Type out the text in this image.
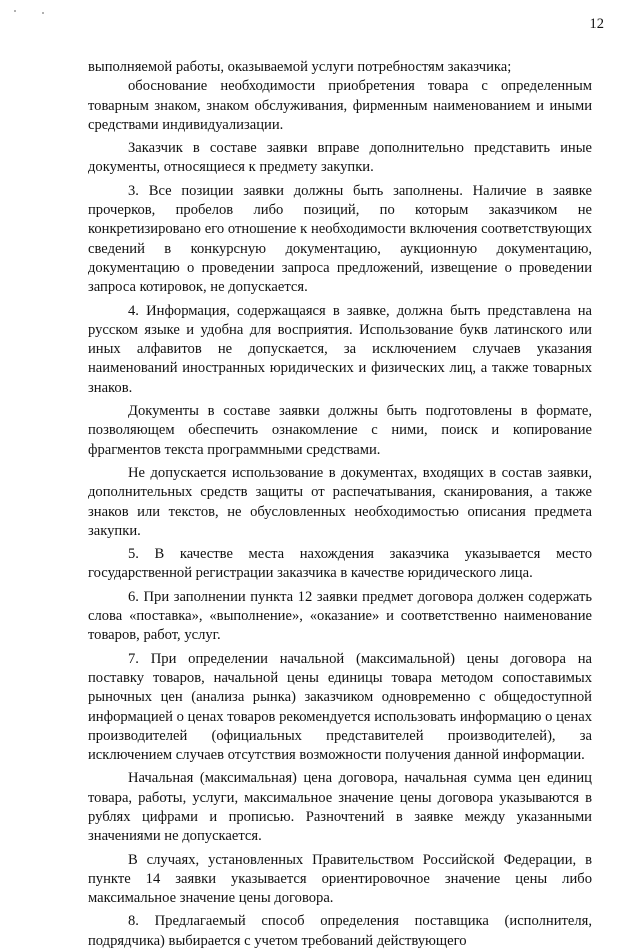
12

выполняемой работы, оказываемой услуги потребностям заказчика;

обоснование необходимости приобретения товара с определенным товарным знаком, знаком обслуживания, фирменным наименованием и иными средствами индивидуализации.

Заказчик в составе заявки вправе дополнительно представить иные документы, относящиеся к предмету закупки.

3. Все позиции заявки должны быть заполнены. Наличие в заявке прочерков, пробелов либо позиций, по которым заказчиком не конкретизировано его отношение к необходимости включения соответствующих сведений в конкурсную документацию, аукционную документацию, документацию о проведении запроса предложений, извещение о проведении запроса котировок, не допускается.

4. Информация, содержащаяся в заявке, должна быть представлена на русском языке и удобна для восприятия. Использование букв латинского или иных алфавитов не допускается, за исключением случаев указания наименований иностранных юридических и физических лиц, а также товарных знаков.

Документы в составе заявки должны быть подготовлены в формате, позволяющем обеспечить ознакомление с ними, поиск и копирование фрагментов текста программными средствами.

Не допускается использование в документах, входящих в состав заявки, дополнительных средств защиты от распечатывания, сканирования, а также знаков или текстов, не обусловленных необходимостью описания предмета закупки.

5. В качестве места нахождения заказчика указывается место государственной регистрации заказчика в качестве юридического лица.

6. При заполнении пункта 12 заявки предмет договора должен содержать слова «поставка», «выполнение», «оказание» и соответственно наименование товаров, работ, услуг.

7. При определении начальной (максимальной) цены договора на поставку товаров, начальной цены единицы товара методом сопоставимых рыночных цен (анализа рынка) заказчиком одновременно с общедоступной информацией о ценах товаров рекомендуется использовать информацию о ценах производителей (официальных представителей производителей), за исключением случаев отсутствия возможности получения данной информации.

Начальная (максимальная) цена договора, начальная сумма цен единиц товара, работы, услуги, максимальное значение цены договора указываются в рублях цифрами и прописью. Разночтений в заявке между указанными значениями не допускается.

В случаях, установленных Правительством Российской Федерации, в пункте 14 заявки указывается ориентировочное значение цены либо максимальное значение цены договора.

8. Предлагаемый способ определения поставщика (исполнителя, подрядчика) выбирается с учетом требований действующего
